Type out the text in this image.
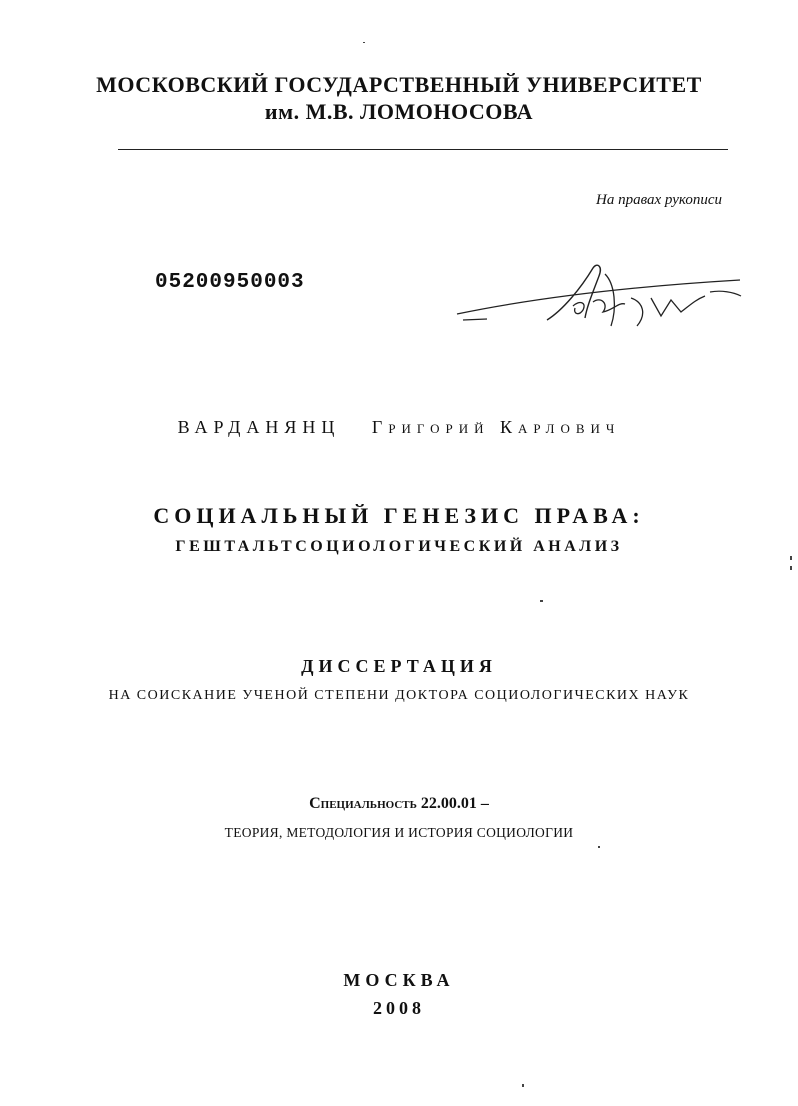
МОСКОВСКИЙ ГОСУДАРСТВЕННЫЙ УНИВЕРСИТЕТ
им. М.В. ЛОМОНОСОВА
На правах рукописи
05200950003
ВАРДАНЯНЦ Григорий Карлович
СОЦИАЛЬНЫЙ ГЕНЕЗИС ПРАВА:
ГЕШТАЛЬТСОЦИОЛОГИЧЕСКИЙ АНАЛИЗ
ДИССЕРТАЦИЯ
НА СОИСКАНИЕ УЧЕНОЙ СТЕПЕНИ ДОКТОРА СОЦИОЛОГИЧЕСКИХ НАУК
Специальность 22.00.01 –
ТЕОРИЯ, МЕТОДОЛОГИЯ И ИСТОРИЯ СОЦИОЛОГИИ
МОСКВА
2008
